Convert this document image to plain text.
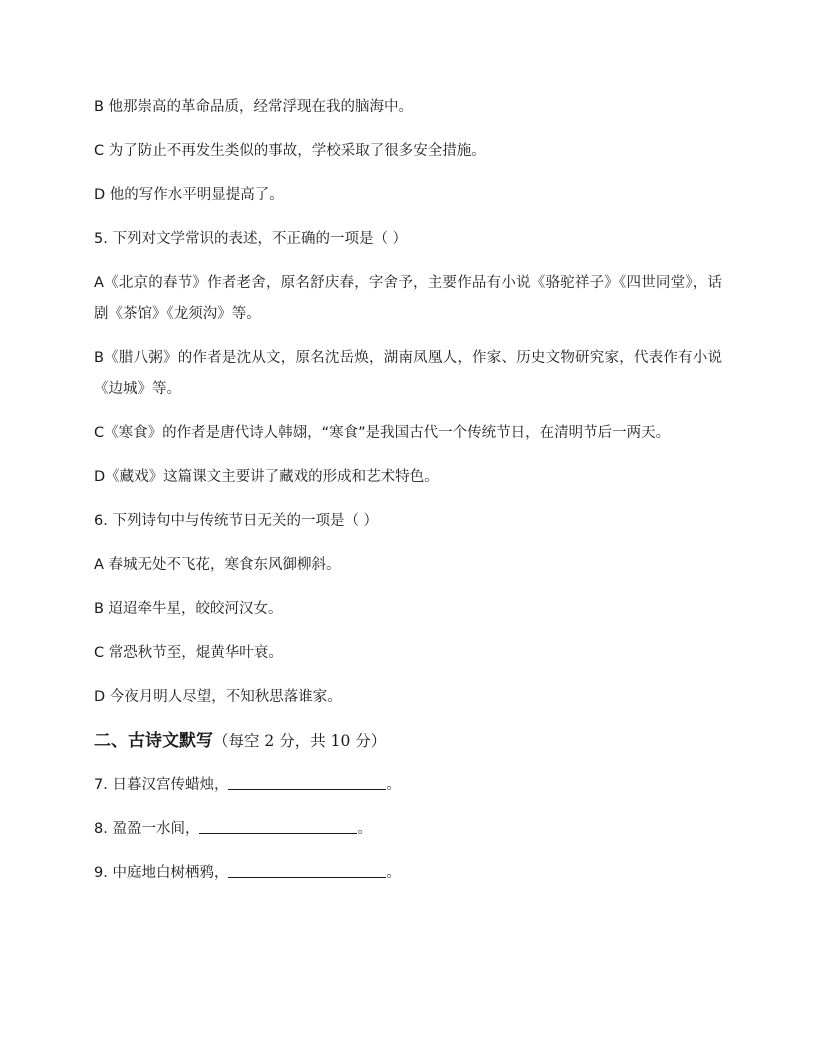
B 他那崇高的革命品质，经常浮现在我的脑海中。

C 为了防止不再发生类似的事故，学校采取了很多安全措施。

D 他的写作水平明显提高了。

5. 下列对文学常识的表述，不正确的一项是（ ）

A《北京的春节》作者老舍，原名舒庆春，字舍予，主要作品有小说《骆驼祥子》《四世同堂》，话剧《茶馆》《龙须沟》等。

B《腊八粥》的作者是沈从文，原名沈岳焕，湖南凤凰人，作家、历史文物研究家，代表作有小说《边城》等。

C《寒食》的作者是唐代诗人韩翃，“寒食”是我国古代一个传统节日，在清明节后一两天。

D《藏戏》这篇课文主要讲了藏戏的形成和艺术特色。

6. 下列诗句中与传统节日无关的一项是（ ）

A 春城无处不飞花，寒食东风御柳斜。

B 迢迢牵牛星，皎皎河汉女。

C 常恐秋节至，焜黄华叶衰。

D 今夜月明人尽望，不知秋思落谁家。

二、古诗文默写（每空 2 分，共 10 分）

7. 日暮汉宫传蜡烛，	。

8. 盈盈一水间，	。

9. 中庭地白树栖鸦，	。
